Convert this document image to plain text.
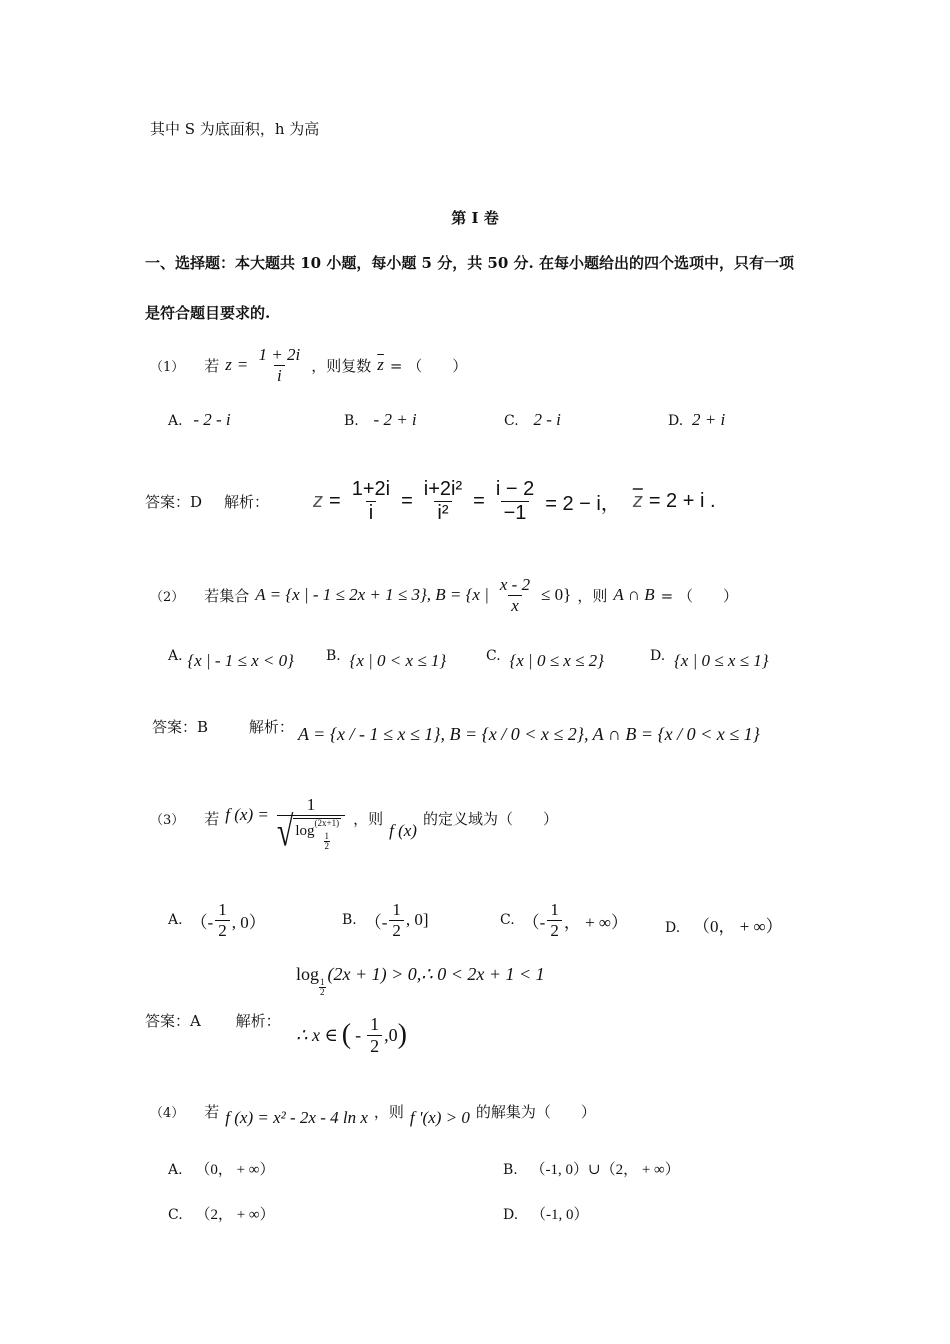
其中 S 为底面积，h 为高
第 I 卷
一、选择题：本大题共 10 小题，每小题 5 分，共 50 分. 在每小题给出的四个选项中，只有一项
是符合题目要求的.
（1） 若 $z = \frac{1 + 2i}{i}$ ，则复数 $\overline{z}$ = （　　）
A. - 2 - i	B. - 2 + i	C. 2 - i	D. 2 + i
答案：D 解析： $z = \frac{1+2i}{i} = \frac{\text{i+2i²}}{\text{i²}} = \frac{i - 2}{-1} = 2 - i$， $\overline{z} = 2 + i$ .
（2） 若集合 A = {x | - 1 ≤ 2x + 1 ≤ 3}, B = {x | $\frac{x - 2}{x} \le 0$} ，则 A ∩ B = （　　）
A. {x | - 1 ≤ x < 0} B. {x | 0 < x ≤ 1}	C. {x | 0 ≤ x ≤ 2}	D. {x | 0 ≤ x ≤ 1}
答案：B	解析： A = {x / - 1 ≤ x ≤ 1}, B = {x / 0 < x ≤ 2}, A ∩ B = {x / 0 < x ≤ 1}
（3） 若 f (x) =
1
√ log (2x+1)
$\frac{1}{2}$
，则
f (x)
的定义域为（　　）
A. （- $\frac{1}{2}$ , 0）	B. （- $\frac{1}{2}$ , 0]	C. （- $\frac{1}{2}$ ， + ∞）	D. （0， + ∞）
答案：A 解析：
log
$\frac{1}{2}$
(2x + 1) > 0,∴ 0 < 2x + 1 < 1
∴ x ∈ ( - $\frac{1}{2} ,0$ )
（4） 若 f (x) = x² - 2x - 4 ln x ，则 f '(x) > 0 的解集为（　　）
A. （0， + ∞）	B. （-1, 0）∪（2， + ∞）
C. （2， + ∞）	D. （-1, 0）
